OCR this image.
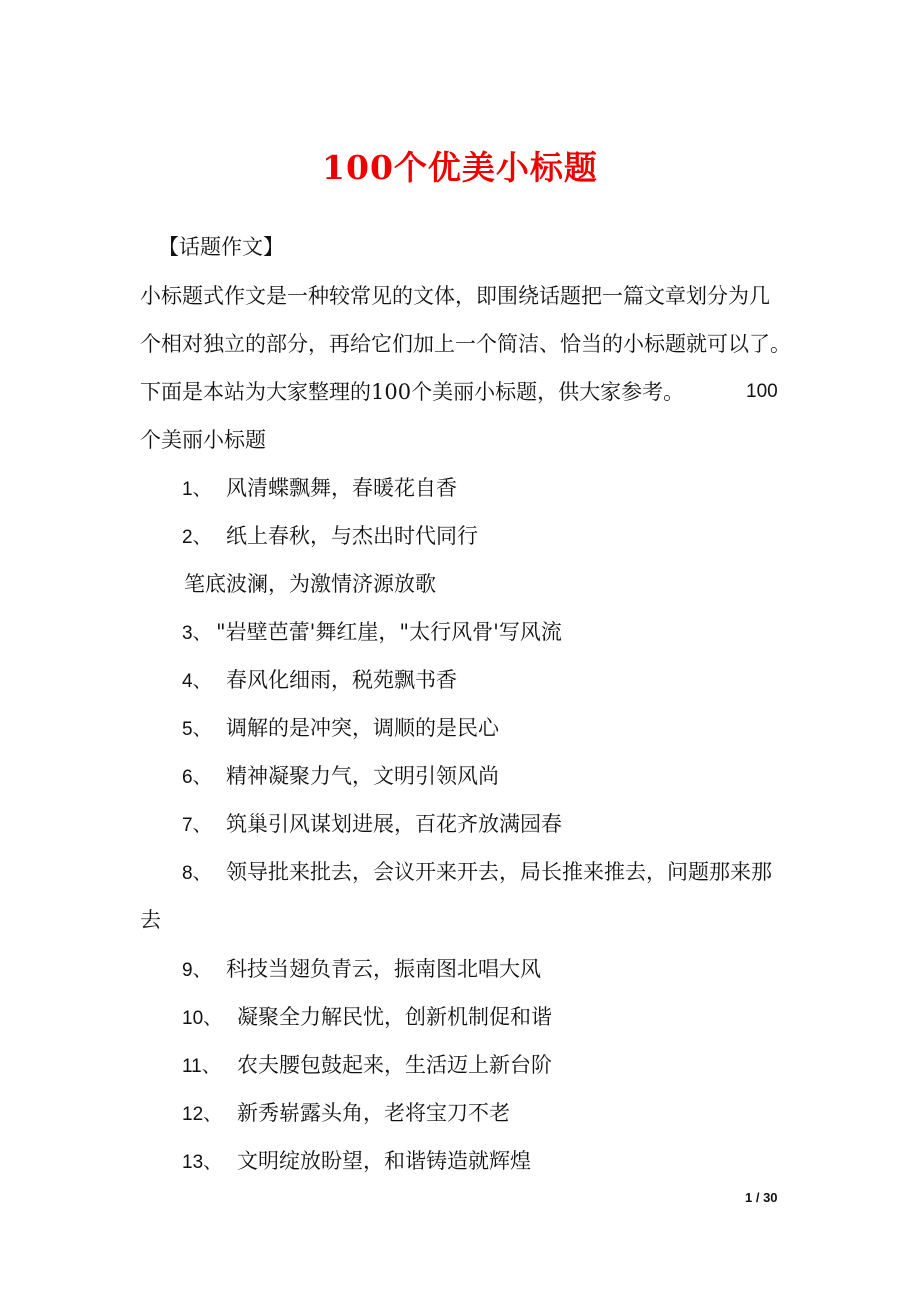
100个优美小标题
【话题作文】
小标题式作文是一种较常见的文体，即围绕话题把一篇文章划分为几
个相对独立的部分，再给它们加上一个简洁、恰当的小标题就可以了。
下面是本站为大家整理的100个美丽小标题，供大家参考。	100
个美丽小标题
1、 风清蝶飘舞，春暖花自香
2、 纸上春秋，与杰出时代同行
笔底波澜，为激情济源放歌
3、 "岩壁芭蕾'舞红崖，"太行风骨'写风流
4、 春风化细雨，税苑飘书香
5、 调解的是冲突，调顺的是民心
6、 精神凝聚力气，文明引领风尚
7、 筑巢引风谋划进展，百花齐放满园春
8、 领导批来批去，会议开来开去，局长推来推去，问题那来那
去
9、 科技当翅负青云，振南图北唱大风
10、 凝聚全力解民忧，创新机制促和谐
11、 农夫腰包鼓起来，生活迈上新台阶
12、 新秀崭露头角，老将宝刀不老
13、 文明绽放盼望，和谐铸造就辉煌
1 / 30
